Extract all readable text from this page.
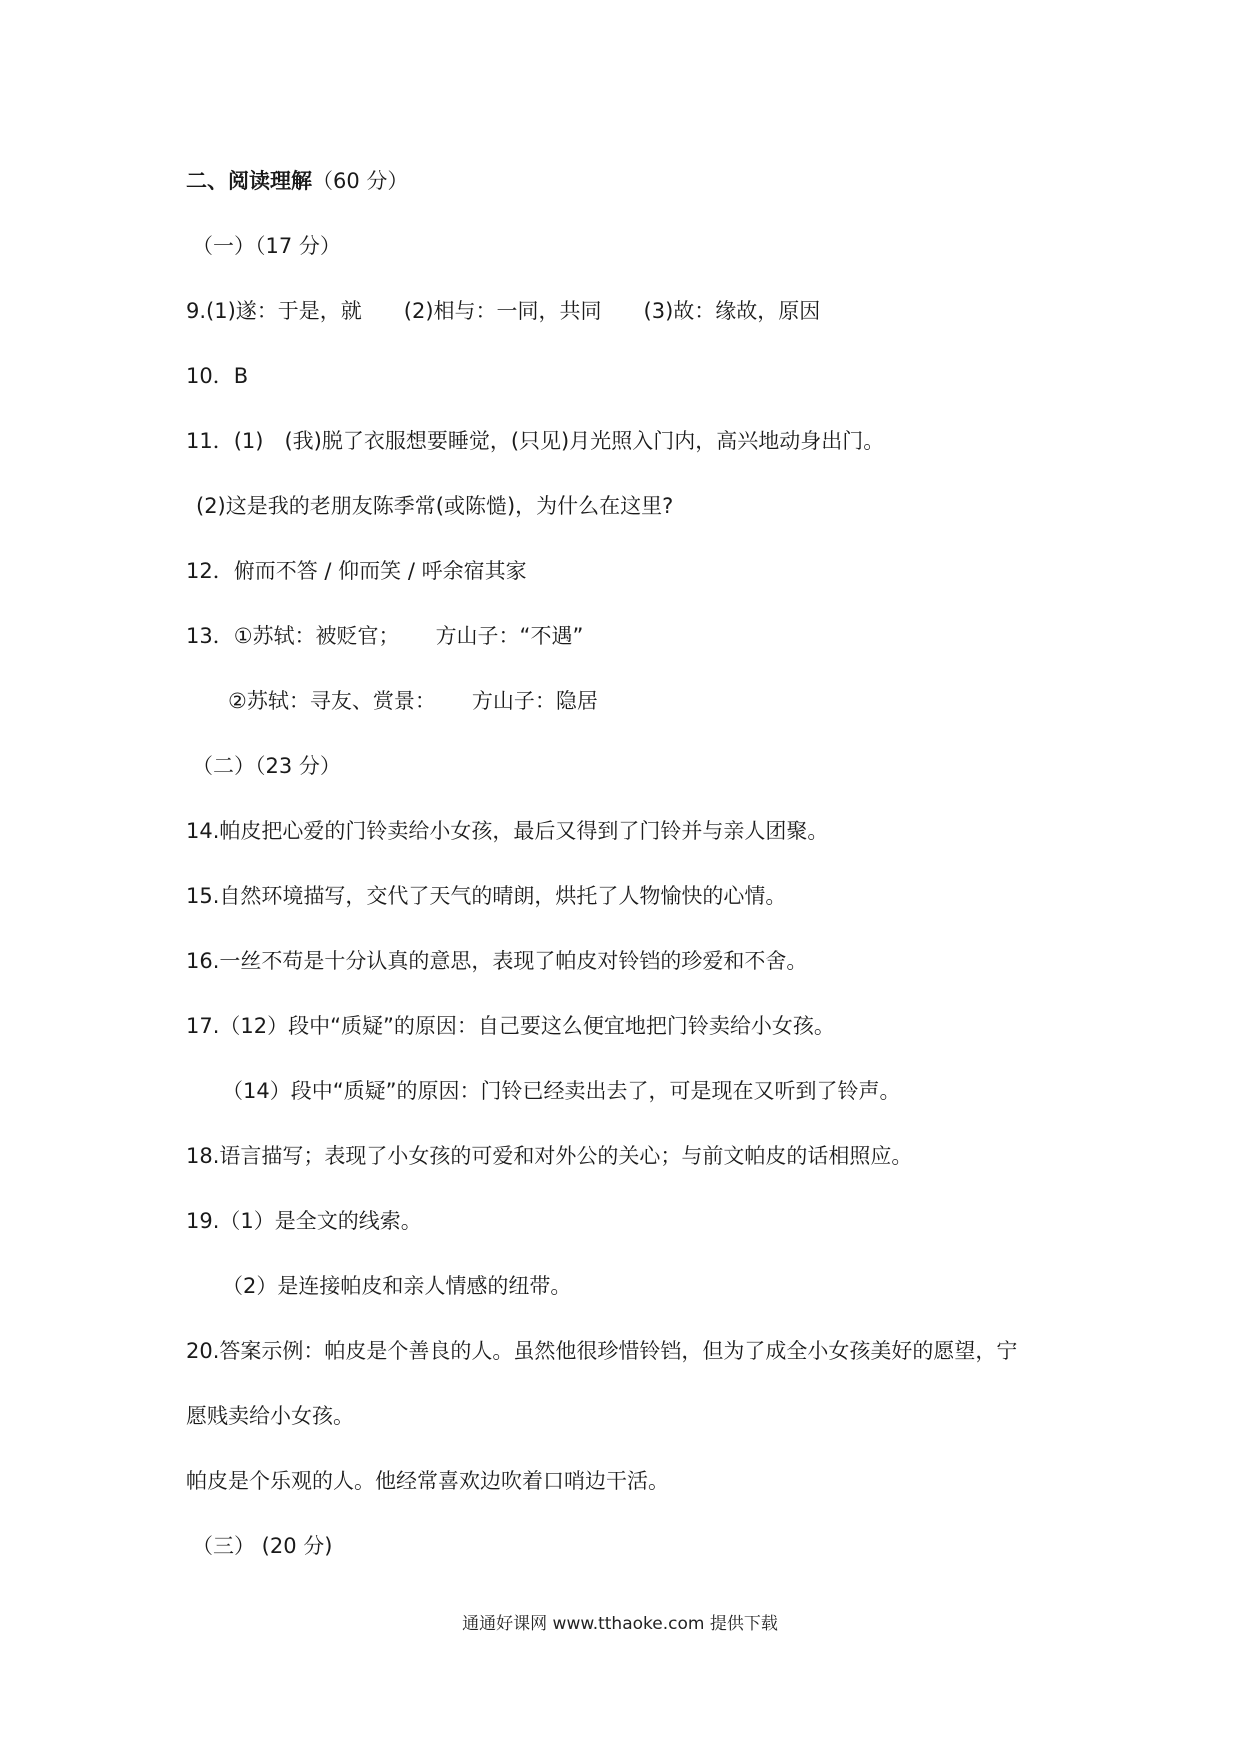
二、阅读理解（60 分）
（一）（17 分）
9.(1)遂：于是，就 (2)相与：一同，共同 (3)故：缘故，原因
10．B
11．(1)　(我)脱了衣服想要睡觉，(只见)月光照入门内，高兴地动身出门。
(2)这是我的老朋友陈季常(或陈慥)，为什么在这里?
12．俯而不答 / 仰而笑 / 呼余宿其家
13．①苏轼：被贬官； 方山子：“不遇”
②苏轼：寻友、赏景： 方山子：隐居
（二）（23 分）
14.帕皮把心爱的门铃卖给小女孩，最后又得到了门铃并与亲人团聚。
15.自然环境描写，交代了天气的晴朗，烘托了人物愉快的心情。
16.一丝不苟是十分认真的意思，表现了帕皮对铃铛的珍爱和不舍。
17.（12）段中“质疑”的原因：自己要这么便宜地把门铃卖给小女孩。
（14）段中“质疑”的原因：门铃已经卖出去了，可是现在又听到了铃声。
18.语言描写；表现了小女孩的可爱和对外公的关心；与前文帕皮的话相照应。
19.（1）是全文的线索。
（2）是连接帕皮和亲人情感的纽带。
20.答案示例：帕皮是个善良的人。虽然他很珍惜铃铛，但为了成全小女孩美好的愿望，宁
愿贱卖给小女孩。
帕皮是个乐观的人。他经常喜欢边吹着口哨边干活。
（三） (20 分)
通通好课网 www.tthaoke.com 提供下载
